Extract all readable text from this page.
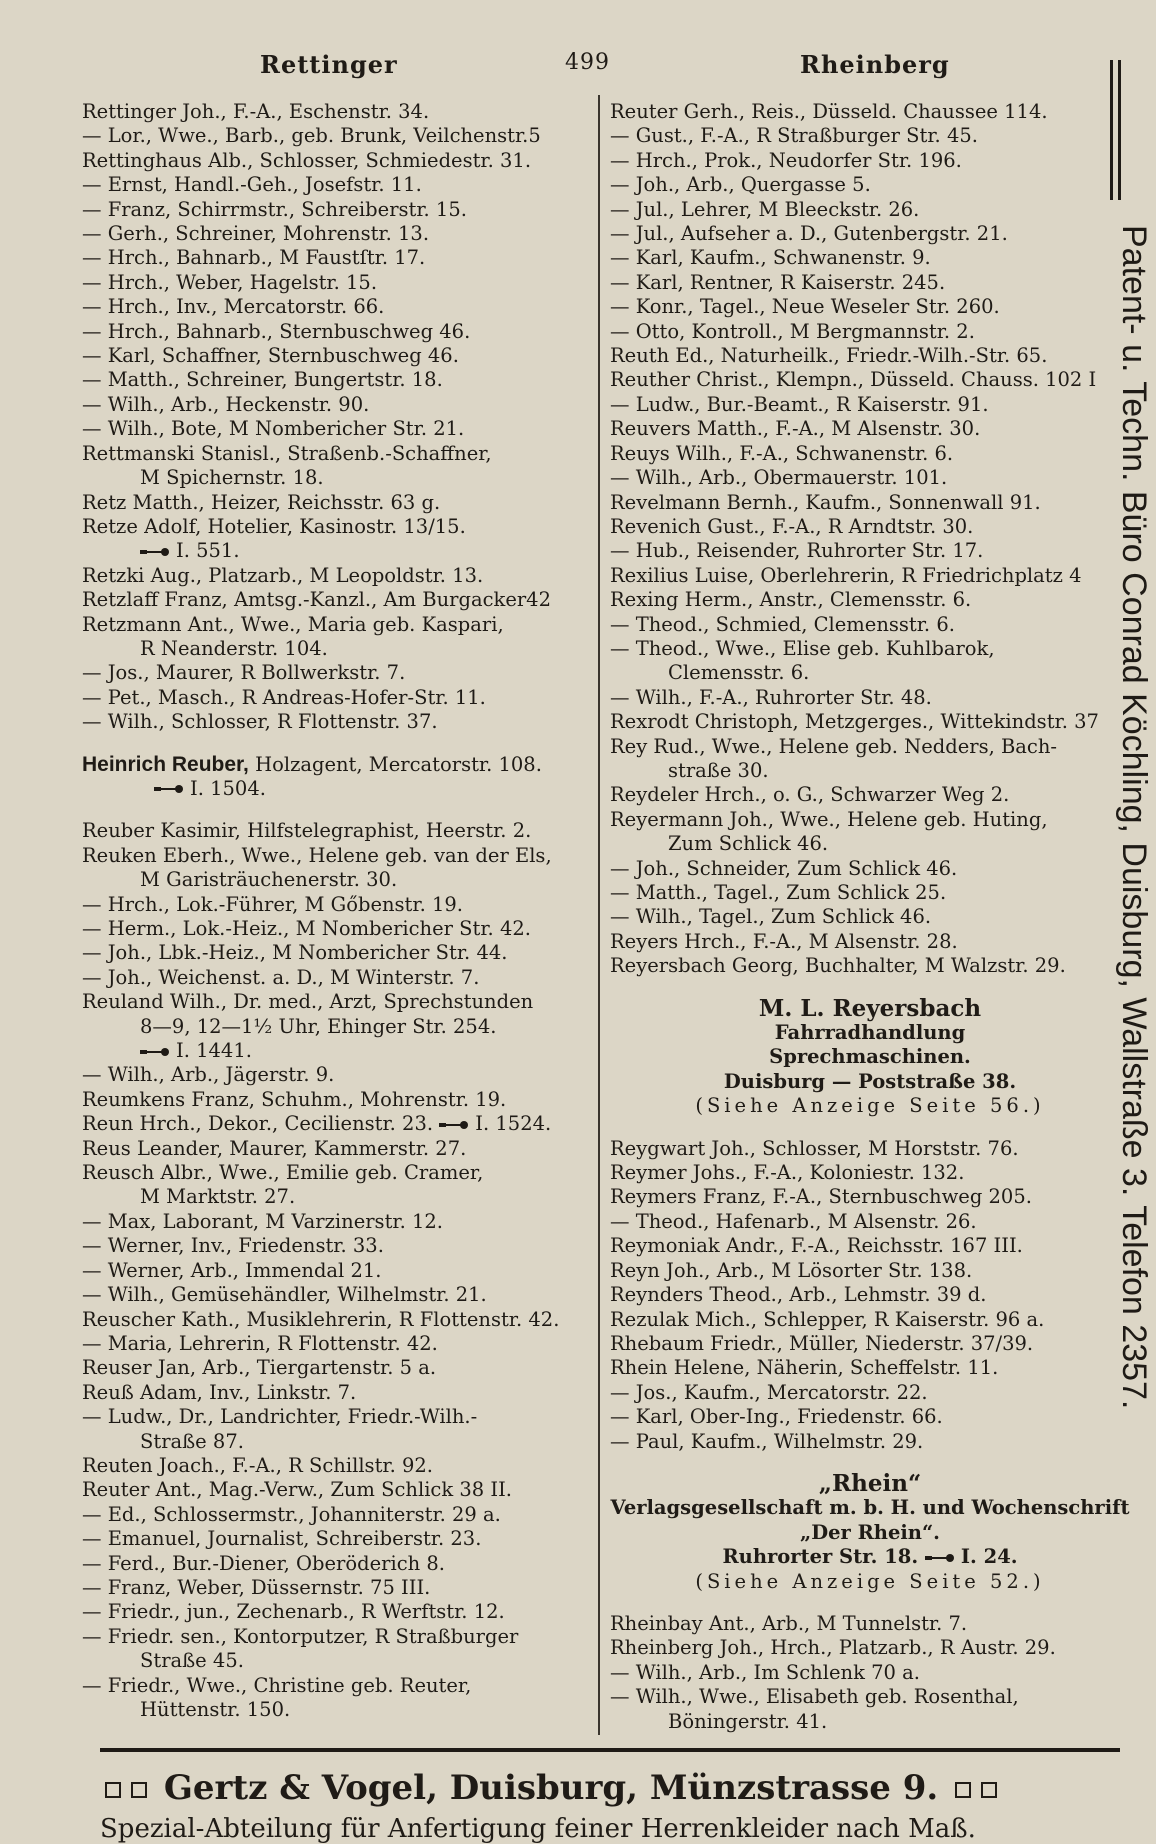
Rettinger	499	Rheinberg
Rettinger Joh., F.-A., Eschenstr. 34.
— Lor., Wwe., Barb., geb. Brunk, Veilchenstr.5
Rettinghaus Alb., Schlosser, Schmiedestr. 31.
— Ernst, Handl.-Geh., Josefstr. 11.
— Franz, Schirrmstr., Schreiberstr. 15.
— Gerh., Schreiner, Mohrenstr. 13.
— Hrch., Bahnarb., M Faustſtr. 17.
— Hrch., Weber, Hagelstr. 15.
— Hrch., Inv., Mercatorstr. 66.
— Hrch., Bahnarb., Sternbuschweg 46.
— Karl, Schaffner, Sternbuschweg 46.
— Matth., Schreiner, Bungertstr. 18.
— Wilh., Arb., Heckenstr. 90.
— Wilh., Bote, M Nombericher Str. 21.
Rettmanski Stanisl., Straßenb.-Schaffner,
M Spichernstr. 18.
Retz Matth., Heizer, Reichsstr. 63 g.
Retze Adolf, Hotelier, Kasinostr. 13/15.
I. 551.
Retzki Aug., Platzarb., M Leopoldstr. 13.
Retzlaff Franz, Amtsg.-Kanzl., Am Burgacker42
Retzmann Ant., Wwe., Maria geb. Kaspari,
R Neanderstr. 104.
— Jos., Maurer, R Bollwerkstr. 7.
— Pet., Masch., R Andreas-Hofer-Str. 11.
— Wilh., Schlosser, R Flottenstr. 37.
Heinrich Reuber, Holzagent, Mercatorstr. 108.
I. 1504.
Reuber Kasimir, Hilfstelegraphist, Heerstr. 2.
Reuken Eberh., Wwe., Helene geb. van der Els,
M Garisträuchenerstr. 30.
— Hrch., Lok.-Führer, M Gőbenstr. 19.
— Herm., Lok.-Heiz., M Nombericher Str. 42.
— Joh., Lbk.-Heiz., M Nombericher Str. 44.
— Joh., Weichenst. a. D., M Winterstr. 7.
Reuland Wilh., Dr. med., Arzt, Sprechstunden
8—9, 12—1½ Uhr, Ehinger Str. 254.
I. 1441.
— Wilh., Arb., Jägerstr. 9.
Reumkens Franz, Schuhm., Mohrenstr. 19.
Reun Hrch., Dekor., Cecilienstr. 23. I. 1524.
Reus Leander, Maurer, Kammerstr. 27.
Reusch Albr., Wwe., Emilie geb. Cramer,
M Marktstr. 27.
— Max, Laborant, M Varzinerstr. 12.
— Werner, Inv., Friedenstr. 33.
— Werner, Arb., Immendal 21.
— Wilh., Gemüsehändler, Wilhelmstr. 21.
Reuscher Kath., Musiklehrerin, R Flottenstr. 42.
— Maria, Lehrerin, R Flottenstr. 42.
Reuser Jan, Arb., Tiergartenstr. 5 a.
Reuß Adam, Inv., Linkstr. 7.
— Ludw., Dr., Landrichter, Friedr.-Wilh.-
Straße 87.
Reuten Joach., F.-A., R Schillstr. 92.
Reuter Ant., Mag.-Verw., Zum Schlick 38 II.
— Ed., Schlossermstr., Johanniterstr. 29 a.
— Emanuel, Journalist, Schreiberstr. 23.
— Ferd., Bur.-Diener, Oberöderich 8.
— Franz, Weber, Düssernstr. 75 III.
— Friedr., jun., Zechenarb., R Werftstr. 12.
— Friedr. sen., Kontorputzer, R Straßburger
Straße 45.
— Friedr., Wwe., Christine geb. Reuter,
Hüttenstr. 150.
Reuter Gerh., Reis., Düsseld. Chaussee 114.
— Gust., F.-A., R Straßburger Str. 45.
— Hrch., Prok., Neudorfer Str. 196.
— Joh., Arb., Quergasse 5.
— Jul., Lehrer, M Bleeckstr. 26.
— Jul., Aufseher a. D., Gutenbergstr. 21.
— Karl, Kaufm., Schwanenstr. 9.
— Karl, Rentner, R Kaiserstr. 245.
— Konr., Tagel., Neue Weseler Str. 260.
— Otto, Kontroll., M Bergmannstr. 2.
Reuth Ed., Naturheilk., Friedr.-Wilh.-Str. 65.
Reuther Christ., Klempn., Düsseld. Chauss. 102 I
— Ludw., Bur.-Beamt., R Kaiserstr. 91.
Reuvers Matth., F.-A., M Alsenstr. 30.
Reuys Wilh., F.-A., Schwanenstr. 6.
— Wilh., Arb., Obermauerstr. 101.
Revelmann Bernh., Kaufm., Sonnenwall 91.
Revenich Gust., F.-A., R Arndtstr. 30.
— Hub., Reisender, Ruhrorter Str. 17.
Rexilius Luise, Oberlehrerin, R Friedrichplatz 4
Rexing Herm., Anstr., Clemensstr. 6.
— Theod., Schmied, Clemensstr. 6.
— Theod., Wwe., Elise geb. Kuhlbarok,
Clemensstr. 6.
— Wilh., F.-A., Ruhrorter Str. 48.
Rexrodt Christoph, Metzgerges., Wittekindstr. 37
Rey Rud., Wwe., Helene geb. Nedders, Bach-
straße 30.
Reydeler Hrch., o. G., Schwarzer Weg 2.
Reyermann Joh., Wwe., Helene geb. Huting,
Zum Schlick 46.
— Joh., Schneider, Zum Schlick 46.
— Matth., Tagel., Zum Schlick 25.
— Wilh., Tagel., Zum Schlick 46.
Reyers Hrch., F.-A., M Alsenstr. 28.
Reyersbach Georg, Buchhalter, M Walzstr. 29.
M. L. Reyersbach
Fahrradhandlung
Sprechmaschinen.
Duisburg — Poststraße 38.
(Siehe Anzeige Seite 56.)
Reygwart Joh., Schlosser, M Horststr. 76.
Reymer Johs., F.-A., Koloniestr. 132.
Reymers Franz, F.-A., Sternbuschweg 205.
— Theod., Hafenarb., M Alsenstr. 26.
Reymoniak Andr., F.-A., Reichsstr. 167 III.
Reyn Joh., Arb., M Lösorter Str. 138.
Reynders Theod., Arb., Lehmstr. 39 d.
Rezulak Mich., Schlepper, R Kaiserstr. 96 a.
Rhebaum Friedr., Müller, Niederstr. 37/39.
Rhein Helene, Näherin, Scheffelstr. 11.
— Jos., Kaufm., Mercatorstr. 22.
— Karl, Ober-Ing., Friedenstr. 66.
— Paul, Kaufm., Wilhelmstr. 29.
„Rhein“
Verlagsgesellschaft m. b. H. und Wochenschrift
„Der Rhein“.
Ruhrorter Str. 18. I. 24.
(Siehe Anzeige Seite 52.)
Rheinbay Ant., Arb., M Tunnelstr. 7.
Rheinberg Joh., Hrch., Platzarb., R Austr. 29.
— Wilh., Arb., Im Schlenk 70 a.
— Wilh., Wwe., Elisabeth geb. Rosenthal,
Böningerstr. 41.
Patent- u. Techn. Büro Conrad Köchling, Duisburg, Wallstraße 3. Telefon 2357.
Gertz & Vogel, Duisburg, Münzstrasse 9.
Spezial-Abteilung für Anfertigung feiner Herrenkleider nach Maß.
